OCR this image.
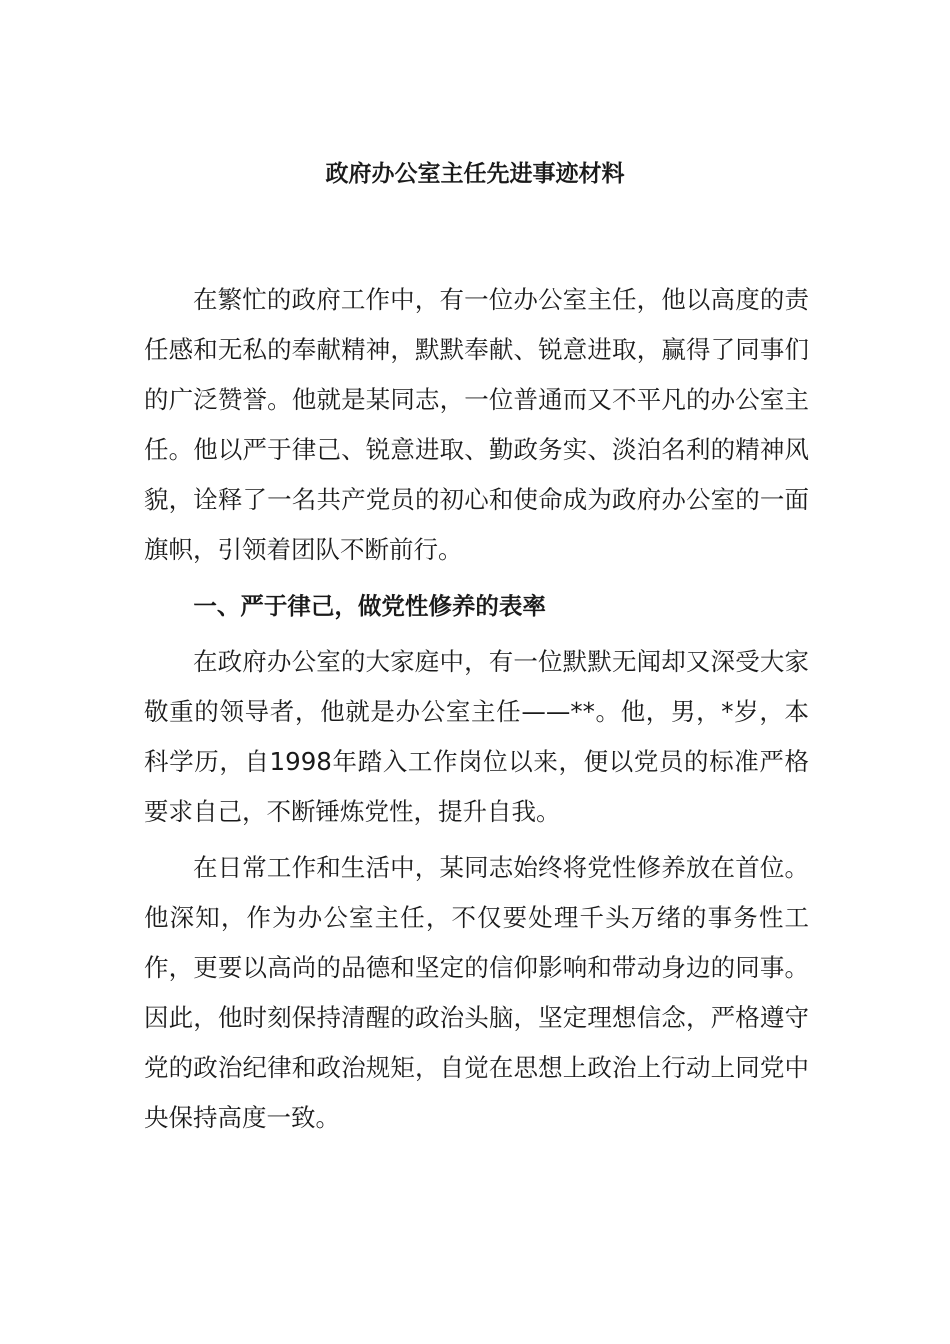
政府办公室主任先进事迹材料

在繁忙的政府工作中，有一位办公室主任，他以高度的责任感和无私的奉献精神，默默奉献、锐意进取，赢得了同事们的广泛赞誉。他就是某同志，一位普通而又不平凡的办公室主任。他以严于律己、锐意进取、勤政务实、淡泊名利的精神风貌，诠释了一名共产党员的初心和使命成为政府办公室的一面旗帜，引领着团队不断前行。

一、严于律己，做党性修养的表率

在政府办公室的大家庭中，有一位默默无闻却又深受大家敬重的领导者，他就是办公室主任——**。他，男，*岁，本科学历，自1998年踏入工作岗位以来，便以党员的标准严格要求自己，不断锤炼党性，提升自我。

在日常工作和生活中，某同志始终将党性修养放在首位。他深知，作为办公室主任，不仅要处理千头万绪的事务性工作，更要以高尚的品德和坚定的信仰影响和带动身边的同事。因此，他时刻保持清醒的政治头脑，坚定理想信念，严格遵守党的政治纪律和政治规矩，自觉在思想上政治上行动上同党中央保持高度一致。
